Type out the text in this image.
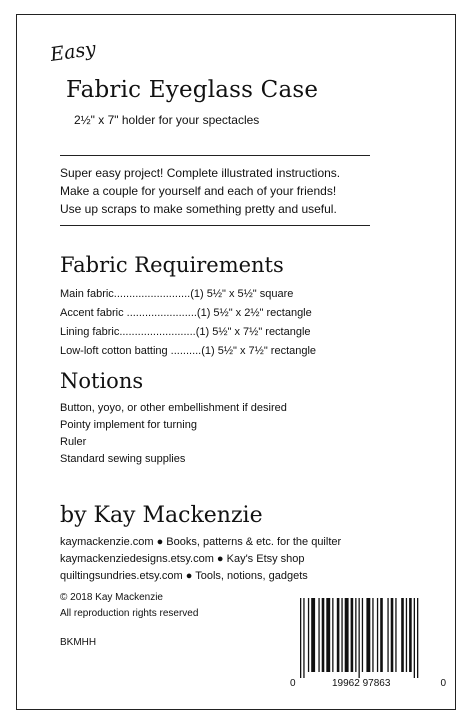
Easy
Fabric Eyeglass Case
2½" x 7" holder for your spectacles
Super easy project! Complete illustrated instructions.
Make a couple for yourself and each of your friends!
Use up scraps to make something pretty and useful.
Fabric Requirements
Main fabric.........................(1) 5½" x 5½" square
Accent fabric .......................(1) 5½" x 2½" rectangle
Lining fabric.........................(1) 5½" x 7½" rectangle
Low-loft cotton batting ..........(1) 5½" x 7½" rectangle
Notions
Button, yoyo, or other embellishment if desired
Pointy implement for turning
Ruler
Standard sewing supplies
by Kay Mackenzie
kaymackenzie.com ● Books, patterns & etc. for the quilter
kaymackenziedesigns.etsy.com ● Kay's Etsy shop
quiltingsundries.etsy.com ● Tools, notions, gadgets
© 2018 Kay Mackenzie
All reproduction rights reserved
BKMHH
0	19962 97863	0
